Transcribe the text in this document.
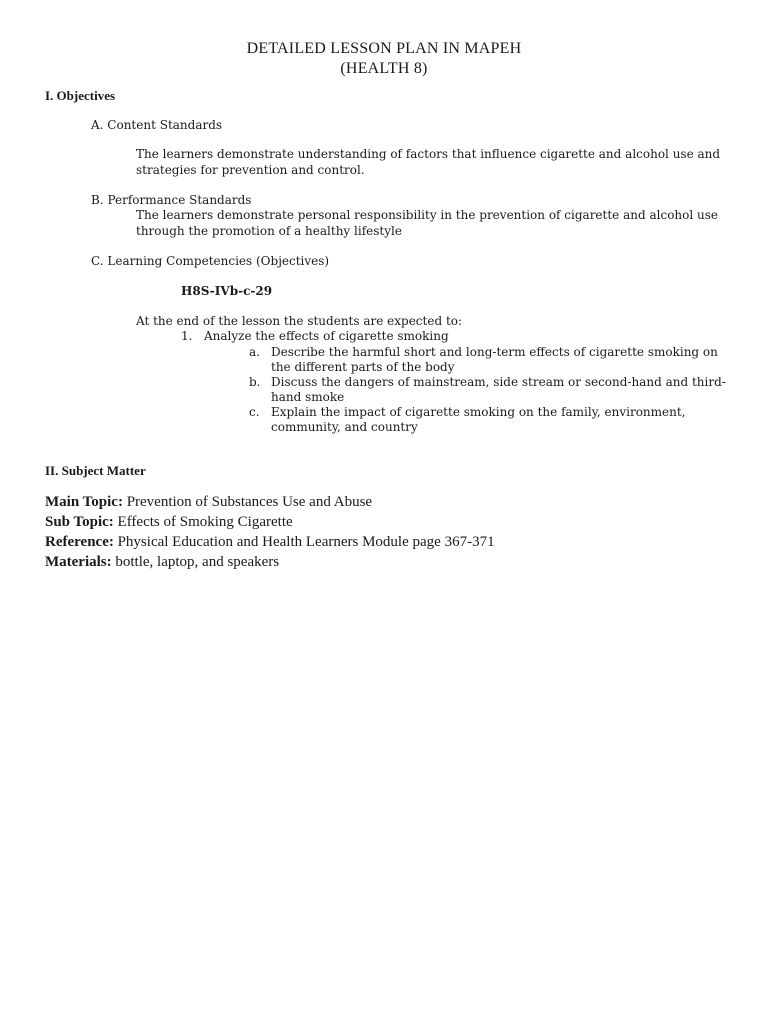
DETAILED LESSON PLAN IN MAPEH
(HEALTH 8)
I. Objectives
A. Content Standards
The learners demonstrate understanding of factors that influence cigarette and alcohol use and
strategies for prevention and control.
B. Performance Standards
The learners demonstrate personal responsibility in the prevention of cigarette and alcohol use
through the promotion of a healthy lifestyle
C. Learning Competencies (Objectives)
H8S-IVb-c-29
At the end of the lesson the students are expected to:
1. Analyze the effects of cigarette smoking
a. Describe the harmful short and long-term effects of cigarette smoking on
the different parts of the body
b. Discuss the dangers of mainstream, side stream or second-hand and third-
hand smoke
c. Explain the impact of cigarette smoking on the family, environment,
community, and country
II. Subject Matter
Main Topic: Prevention of Substances Use and Abuse
Sub Topic: Effects of Smoking Cigarette
Reference: Physical Education and Health Learners Module page 367-371
Materials: bottle, laptop, and speakers
